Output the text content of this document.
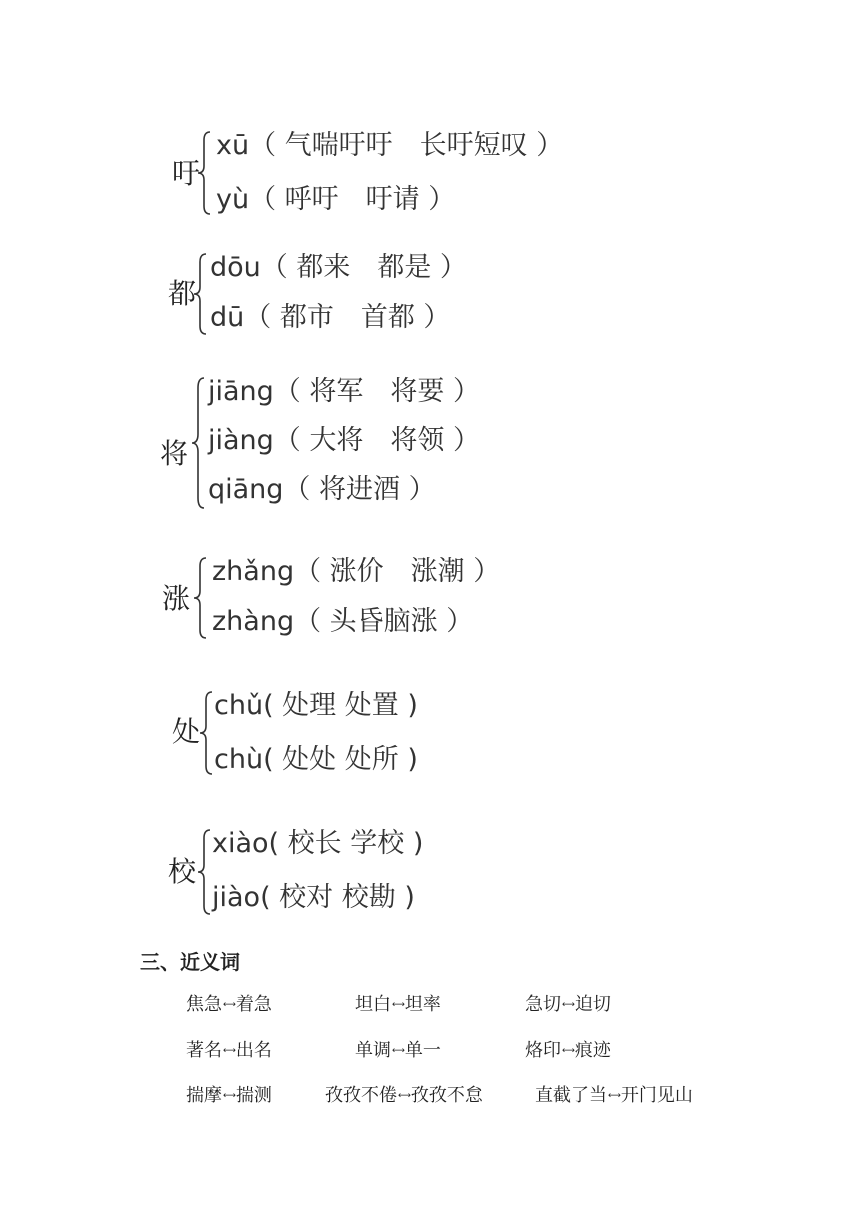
吁
xū（ 气喘吁吁　长吁短叹 ）
yù（ 呼吁　吁请 ）
都
dōu（ 都来　都是 ）
dū（ 都市　首都 ）
将
jiāng（ 将军　将要 ）
jiàng（ 大将　将领 ）
qiāng（ 将进酒 ）
涨
zhǎng（ 涨价　涨潮 ）
zhàng（ 头昏脑涨 ）
处
chǔ( 处理 处置 )
chù( 处处 处所 )
校
xiào( 校长 学校 )
jiào( 校对 校勘 )
三、近义词
焦急⟷着急	坦白⟷坦率	急切⟷迫切
著名⟷出名	单调⟷单一	烙印⟷痕迹
揣摩⟷揣测	孜孜不倦⟷孜孜不怠	直截了当⟷开门见山
